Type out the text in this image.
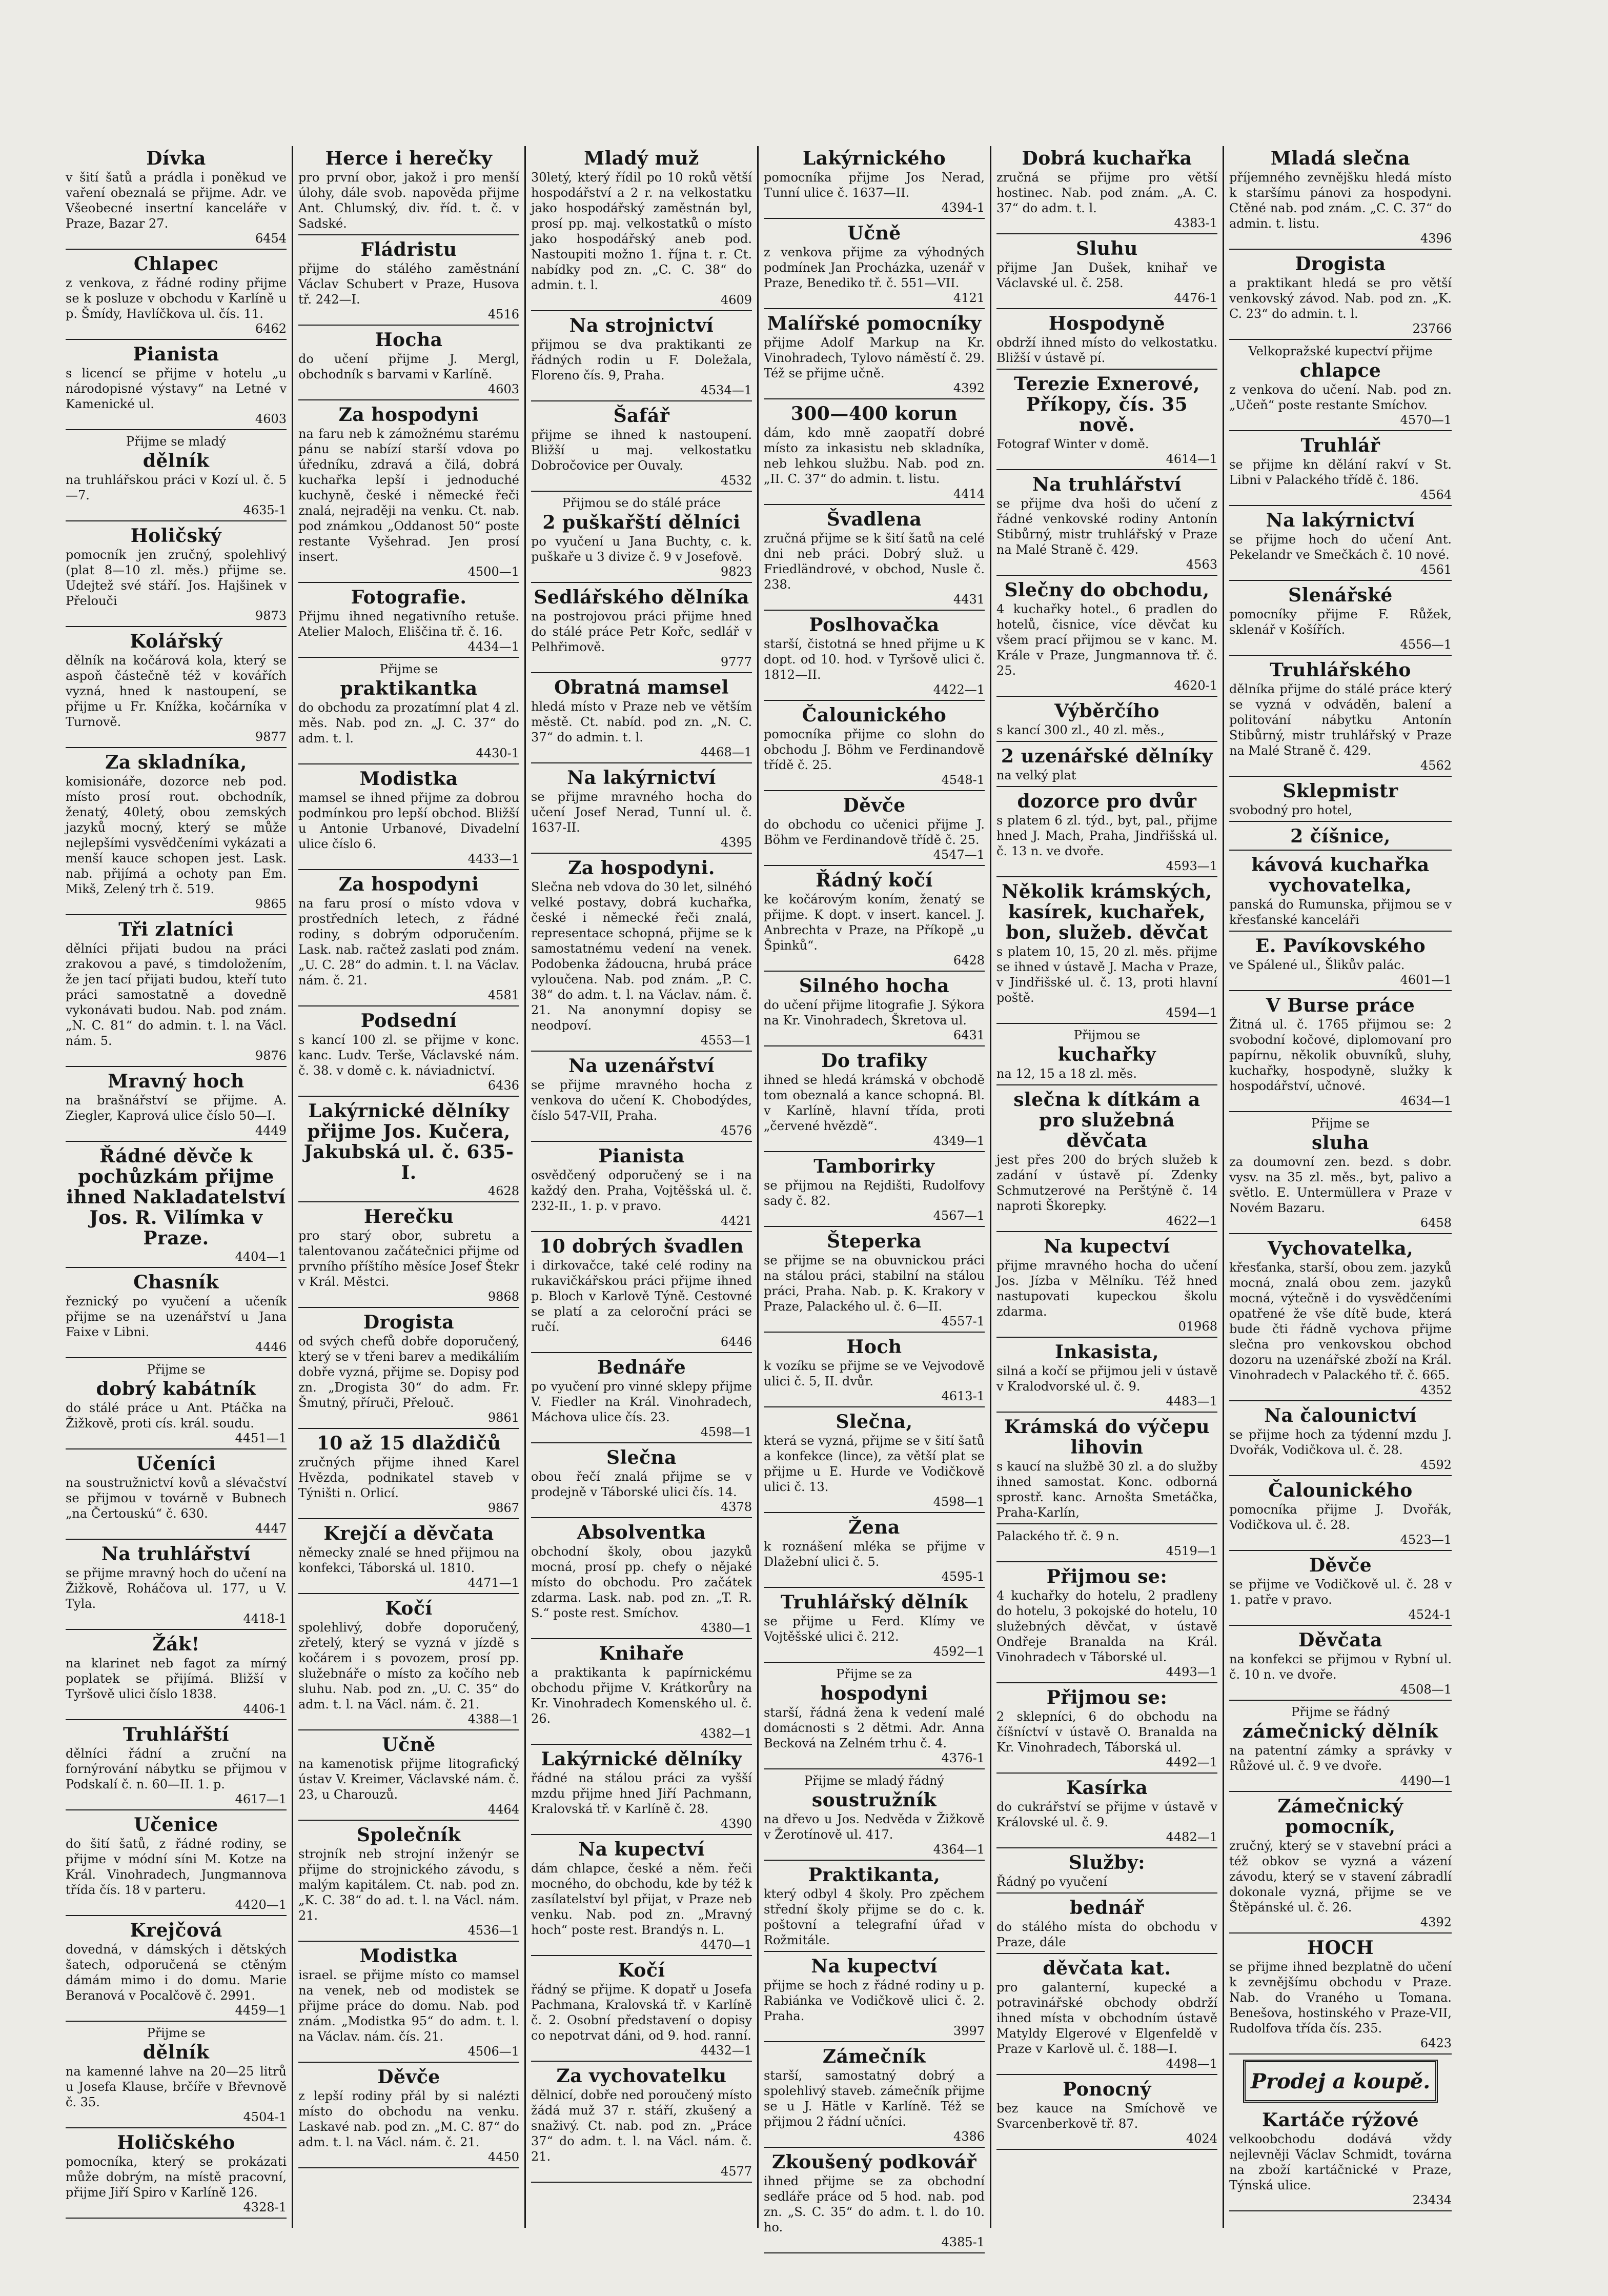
Dívka
v šití šatů a prádla i poněkud ve vaření obeznalá se přijme. Adr. ve Všeobecné insertní kanceláře v Praze, Bazar 27.
6454
Chlapec
z venkova, z řádné rodiny přijme se k posluze v obchodu v Karlíně u p. Šmídy, Havlíčkova ul. čís. 11.
6462
Pianista
s licencí se přijme v hotelu „u národopisné výstavy“ na Letné v Kamenické ul.
4603
Přijme se mladý
dělník
na truhlářskou práci v Kozí ul. č. 5—7.
4635-1
Holičský
pomocník jen zručný, spolehlivý (plat 8—10 zl. měs.) přijme se. Udejtež své stáří. Jos. Hajšinek v Přelouči
9873
Kolářský
dělník na kočárová kola, který se aspoň částečně též v kovářích vyzná, hned k nastoupení, se přijme u Fr. Knížka, kočárníka v Turnově.
9877
Za skladníka,
komisionáře, dozorce neb pod. místo prosí rout. obchodník, ženatý, 40letý, obou zemských jazyků mocný, který se může nejlepšími vysvědčeními vykázati a menší kauce schopen jest. Lask. nab. přijímá a ochoty pan Em. Mikš, Zelený trh č. 519.
9865
Tři zlatníci
dělníci přijati budou na práci zrakovou a pavé, s timdoložením, že jen tací přijati budou, kteří tuto práci samostatně a dovedně vykonávati budou. Nab. pod znám. „N. C. 81“ do admin. t. l. na Václ. nám. 5.
9876
Mravný hoch
na brašnářství se přijme. A. Ziegler, Kaprová ulice číslo 50—I.
4449
Řádné děvče k pochůzkám přijme ihned Nakladatelství Jos. R. Vilímka v Praze.
4404—1
Chasník
řeznický po vyučení a učeník přijme se na uzenářství u Jana Faixe v Libni.
4446
Přijme se
dobrý kabátník
do stálé práce u Ant. Ptáčka na Žižkově, proti cís. král. soudu.
4451—1
Učeníci
na soustružnictví kovů a slévačství se přijmou v továrně v Bubnech „na Čertouskú“ č. 630.
4447
Na truhlářství
se přijme mravný hoch do učení na Žižkově, Roháčova ul. 177, u V. Tyla.
4418-1
Žák!
na klarinet neb fagot za mírný poplatek se přijímá. Bližší v Tyršově ulici číslo 1838.
4406-1
Truhlářští
dělníci řádní a zruční na fornýrování nábytku se přijmou v Podskalí č. n. 60—II. 1. p.
4617—1
Učenice
do šití šatů, z řádné rodiny, se přijme v módní síni M. Kotze na Král. Vinohradech, Jungmannova třída čís. 18 v parteru.
4420—1
Krejčová
dovedná, v dámských i dětských šatech, odporučená se ctěným dámám mimo i do domu. Marie Beranová v Pocalčově č. 2991.
4459—1
Přijme se
dělník
na kamenné lahve na 20—25 litrů u Josefa Klause, brčíře v Břevnově č. 35.
4504-1
Holičského
pomocníka, který se prokázati může dobrým, na místě pracovní, přijme Jiří Spiro v Karlíně 126.
4328-1
Herce i herečky
pro první obor, jakož i pro menší úlohy, dále svob. napověda přijme Ant. Chlumský, div. říd. t. č. v Sadské.
Fládristu
přijme do stálého zaměstnání Václav Schubert v Praze, Husova tř. 242—I.
4516
Hocha
do učení přijme J. Mergl, obchodník s barvami v Karlíně.
4603
Za hospodyni
na faru neb k zámožnému starému pánu se nabízí starší vdova po úředníku, zdravá a čilá, dobrá kuchařka lepší i jednoduché kuchyně, české i německé řeči znalá, nejraději na venku. Ct. nab. pod známkou „Oddanost 50“ poste restante Vyšehrad. Jen prosí insert.
4500—1
Fotografie.
Přijmu ihned negativního retuše. Atelier Maloch, Eliščina tř. č. 16.
4434—1
Přijme se
praktikantka
do obchodu za prozatímní plat 4 zl. měs. Nab. pod zn. „J. C. 37“ do adm. t. l.
4430-1
Modistka
mamsel se ihned přijme za dobrou podmínkou pro lepší obchod. Bližší u Antonie Urbanové, Divadelní ulice číslo 6.
4433—1
Za hospodyni
na faru prosí o místo vdova v prostředních letech, z řádné rodiny, s dobrým odporučením. Lask. nab. račtež zaslati pod znám. „U. C. 28“ do admin. t. l. na Václav. nám. č. 21.
4581
Podsední
s kancí 100 zl. se přijme v konc. kanc. Ludv. Terše, Václavské nám. č. 38. v domě c. k. náviadnictví.
6436
Lakýrnické dělníky přijme Jos. Kučera, Jakubská ul. č. 635-I.
4628
Herečku
pro starý obor, subretu a talentovanou začátečnici přijme od prvního příštího měsíce Josef Štekr v Král. Městci.
9868
Drogista
od svých chefů dobře doporučený, který se v třeni barev a medikáliím dobře vyzná, přijme se. Dopisy pod zn. „Drogista 30“ do adm. Fr. Šmutný, příruči, Přelouč.
9861
10 až 15 dlaždičů
zručných přijme ihned Karel Hvězda, podnikatel staveb v Týništi n. Orlicí.
9867
Krejčí a děvčata
německy znalé se hned přijmou na konfekci, Táborská ul. 1810.
4471—1
Kočí
spolehlivý, dobře doporučený, zřetelý, který se vyzná v jízdě s kočárem i s povozem, prosí pp. služebnáře o místo za kočího neb sluhu. Nab. pod zn. „U. C. 35“ do adm. t. l. na Václ. nám. č. 21.
4388—1
Učně
na kamenotisk přijme litografický ústav V. Kreimer, Václavské nám. č. 23, u Charouzů.
4464
Společník
strojník neb strojní inženýr se přijme do strojnického závodu, s malým kapitálem. Ct. nab. pod zn. „K. C. 38“ do ad. t. l. na Václ. nám. 21.
4536—1
Modistka
israel. se přijme místo co mamsel na venek, neb od modistek se přijme práce do domu. Nab. pod znám. „Modistka 95“ do adm. t. l. na Václav. nám. čís. 21.
4506—1
Děvče
z lepší rodiny přál by si nalézti místo do obchodu na venku. Laskavé nab. pod zn. „M. C. 87“ do adm. t. l. na Václ. nám. č. 21.
4450
Mladý muž
30letý, který řídil po 10 roků větší hospodářství a 2 r. na velkostatku jako hospodářský zaměstnán byl, prosí pp. maj. velkostatků o místo jako hospodářský aneb pod. Nastoupiti možno 1. října t. r. Ct. nabídky pod zn. „C. C. 38“ do admin. t. l.
4609
Na strojnictví
přijmou se dva praktikanti ze řádných rodin u F. Doležala, Floreno čís. 9, Praha.
4534—1
Šafář
přijme se ihned k nastoupení. Bližší u maj. velkostatku Dobročovice per Ouvaly.
4532
Přijmou se do stálé práce
2 puškařští dělníci
po vyučení u Jana Buchty, c. k. puškaře u 3 divize č. 9 v Josefově.
9823
Sedlářského dělníka
na postrojovou práci přijme hned do stálé práce Petr Kořc, sedlář v Pelhřimově.
9777
Obratná mamsel
hledá místo v Praze neb ve větším městě. Ct. nabíd. pod zn. „N. C. 37“ do admin. t. l.
4468—1
Na lakýrnictví
se přijme mravného hocha do učení Josef Nerad, Tunní ul. č. 1637-II.
4395
Za hospodyni.
Slečna neb vdova do 30 let, silnéhó velké postavy, dobrá kuchařka, české i německé řeči znalá, representace schopná, přijme se k samostatnému vedení na venek. Podobenka žádoucna, hrubá práce vyloučena. Nab. pod znám. „P. C. 38“ do adm. t. l. na Václav. nám. č. 21. Na anonymní dopisy se neodpoví.
4553—1
Na uzenářství
se přijme mravného hocha z venkova do učení K. Chobodýdes, číslo 547-VII, Praha.
4576
Pianista
osvědčený odporučený se i na každý den. Praha, Vojtěšská ul. č. 232-II., 1. p. v pravo.
4421
10 dobrých švadlen
i dirkovačce, také celé rodiny na rukavičkářskou práci přijme ihned p. Bloch v Karlově Týně. Cestovné se platí a za celoroční práci se ručí.
6446
Bednáře
po vyučení pro vinné sklepy přijme V. Fiedler na Král. Vinohradech, Máchova ulice čís. 23.
4598—1
Slečna
obou řečí znalá přijme se v prodejně v Táborské ulici čís. 14.
4378
Absolventka
obchodní školy, obou jazyků mocná, prosí pp. chefy o nějaké místo do obchodu. Pro začátek zdarma. Lask. nab. pod zn. „T. R. S.“ poste rest. Smíchov.
4380—1
Knihaře
a praktikanta k papírnickému obchodu přijme V. Krátkorůry na Kr. Vinohradech Komenského ul. č. 26.
4382—1
Lakýrnické dělníky
řádné na stálou práci za vyšší mzdu přijme hned Jiří Pachmann, Kralovská tř. v Karlíně č. 28.
4390
Na kupectví
dám chlapce, české a něm. řeči mocného, do obchodu, kde by též k zasílatelství byl přijat, v Praze neb venku. Nab. pod zn. „Mravný hoch“ poste rest. Brandýs n. L.
4470—1
Kočí
řádný se přijme. K dopatř u Josefa Pachmana, Kralovská tř. v Karlíně č. 2. Osobní představení o dopisy co nepotrvat dáni, od 9. hod. ranní.
4432—1
Za vychovatelku
dělnicí, dobře ned poroučený místo žádá muž 37 r. stáří, zkušený a snaživý. Ct. nab. pod zn. „Práce 37“ do adm. t. l. na Václ. nám. č. 21.
4577
Lakýrnického
pomocníka přijme Jos Nerad, Tunní ulice č. 1637—II.
4394-1
Učně
z venkova přijme za výhodných podmínek Jan Procházka, uzenář v Praze, Benediko tř. č. 551—VII.
4121
Malířské pomocníky
přijme Adolf Markup na Kr. Vinohradech, Tylovo náměstí č. 29. Též se přijme učně.
4392
300—400 korun
dám, kdo mně zaopatří dobré místo za inkasistu neb skladníka, neb lehkou službu. Nab. pod zn. „II. C. 37“ do admin. t. listu.
4414
Švadlena
zručná přijme se k šití šatů na celé dni neb práci. Dobrý služ. u Friedländrové, v obchod, Nusle č. 238.
4431
Poslhovačka
starší, čistotná se hned přijme u K dopt. od 10. hod. v Tyršově ulici č. 1812—II.
4422—1
Čalounického
pomocníka přijme co slohn do obchodu J. Böhm ve Ferdinandově třídě č. 25.
4548-1
Děvče
do obchodu co učenici přijme J. Böhm ve Ferdinandově třídě č. 25.
4547—1
Řádný kočí
ke kočárovým koním, ženatý se přijme. K dopt. v insert. kancel. J. Anbrechta v Praze, na Příkopě „u Špinků“.
6428
Silného hocha
do učení přijme litografie J. Sýkora na Kr. Vinohradech, Škretova ul.
6431
Do trafiky
ihned se hledá krámská v obchodě tom obeznalá a kance schopná. Bl. v Karlíně, hlavní třída, proti „červené hvězdě“.
4349—1
Tamborirky
se přijmou na Rejdišti, Rudolfovy sady č. 82.
4567—1
Šteperka
se přijme se na obuvnickou práci na stálou práci, stabilní na stálou práci, Praha. Nab. p. K. Krakory v Praze, Palackého ul. č. 6—II.
4557-1
Hoch
k vozíku se přijme se ve Vejvodově ulici č. 5, II. dvůr.
4613-1
Slečna,
která se vyzná, přijme se v šití šatů a konfekce (lince), za větší plat se přijme u E. Hurde ve Vodičkově ulici č. 13.
4598—1
Žena
k roznášení mléka se přijme v Dlažební ulici č. 5.
4595-1
Truhlářský dělník
se přijme u Ferd. Klímy ve Vojtěšské ulici č. 212.
4592—1
Přijme se za
hospodyni
starší, řádná žena k vedení malé domácnosti s 2 dětmi. Adr. Anna Becková na Zelném trhu č. 4.
4376-1
Přijme se mladý řádný
soustružník
na dřevo u Jos. Nedvěda v Žižkově v Žerotínově ul. 417.
4364—1
Praktikanta,
který odbyl 4 školy. Pro zpěchem střední školy přijme se do c. k. poštovní a telegrafní úřad v Rožmitále.
Na kupectví
přijme se hoch z řádné rodiny u p. Rabiánka ve Vodičkově ulici č. 2. Praha.
3997
Zámečník
starší, samostatný dobrý a spolehlivý staveb. zámečník přijme se u J. Hätle v Karlíně. Též se přijmou 2 řádní učníci.
4386
Zkoušený podkovář
ihned přijme se za obchodní sedláře práce od 5 hod. nab. pod zn. „S. C. 35“ do adm. t. l. do 10. ho.
4385-1
Dobrá kuchařka
zručná se přijme pro větší hostinec. Nab. pod znám. „A. C. 37“ do adm. t. l.
4383-1
Sluhu
přijme Jan Dušek, knihař ve Václavské ul. č. 258.
4476-1
Hospodyně
obdrží ihned místo do velkostatku. Bližší v ústavě pí.
Terezie Exnerové, Příkopy, čís. 35 nově.
Fotograf Winter v domě.
4614—1
Na truhlářství
se přijme dva hoši do učení z řádné venkovské rodiny Antonín Stibůrný, mistr truhlářský v Praze na Malé Straně č. 429.
4563
Slečny do obchodu,
4 kuchařky hotel., 6 pradlen do hotelů, čisnice, více děvčat ku všem prací přijmou se v kanc. M. Krále v Praze, Jungmannova tř. č. 25.
4620-1
Výběrčího
s kancí 300 zl., 40 zl. měs.,
2 uzenářské dělníky
na velký plat
dozorce pro dvůr
s platem 6 zl. týd., byt, pal., přijme hned J. Mach, Praha, Jindřišská ul. č. 13 n. ve dvoře.
4593—1
Několik krámských, kasírek, kuchařek, bon, služeb. děvčat
s platem 10, 15, 20 zl. měs. přijme se ihned v ústavě J. Macha v Praze, v Jindřišské ul. č. 13, proti hlavní poště.
4594—1
Přijmou se
kuchařky
na 12, 15 a 18 zl. měs.
slečna k dítkám a pro služebná děvčata
jest přes 200 do brých služeb k zadání v ústavě pí. Zdenky Schmutzerové na Perštýně č. 14 naproti Škorepky.
4622—1
Na kupectví
přijme mravného hocha do učení Jos. Jízba v Mělníku. Též hned nastupovati kupeckou školu zdarma.
01968
Inkasista,
silná a kočí se přijmou jeli v ústavě v Kralodvorské ul. č. 9.
4483—1
Krámská do výčepu lihovin
s kaucí na službě 30 zl. a do služby ihned samostat. Konc. odborná sprostř. kanc. Arnošta Smetáčka, Praha-Karlín,
Palackého tř. č. 9 n.
4519—1
Přijmou se:
4 kuchařky do hotelu, 2 pradleny do hotelu, 3 pokojské do hotelu, 10 služebných děvčat, v ústavě Ondřeje Branalda na Král. Vinohradech v Táborské ul.
4493—1
Přijmou se:
2 sklepníci, 6 do obchodu na číšníctví v ústavě O. Branalda na Kr. Vinohradech, Táborská ul.
4492—1
Kasírka
do cukrářství se přijme v ústavě v Královské ul. č. 9.
4482—1
Služby:
Řádný po vyučení
bednář
do stálého místa do obchodu v Praze, dále
děvčata kat.
pro galanterní, kupecké a potravinářské obchody obdrží ihned místa v obchodním ústavě Matyldy Elgerové v Elgenfeldě v Praze v Karlově ul. č. 188—I.
4498—1
Ponocný
bez kauce na Smíchově ve Svarcenberkově tř. 87.
4024
Mladá slečna
příjemného zevnějšku hledá místo k staršímu pánovi za hospodyni. Ctěné nab. pod znám. „C. C. 37“ do admin. t. listu.
4396
Drogista
a praktikant hledá se pro větší venkovský závod. Nab. pod zn. „K. C. 23“ do admin. t. l.
23766
Velkopražské kupectví přijme
chlapce
z venkova do učení. Nab. pod zn. „Učeň“ poste restante Smíchov.
4570—1
Truhlář
se přijme kn dělání rakví v St. Libni v Palackého třídě č. 186.
4564
Na lakýrnictví
se přijme hoch do učení Ant. Pekelandr ve Smečkách č. 10 nové.
4561
Slenářské
pomocníky přijme F. Růžek, sklenář v Košířích.
4556—1
Truhlářského
dělníka přijme do stálé práce který se vyzná v odváděn, balení a politování nábytku Antonín Stibůrný, mistr truhlářský v Praze na Malé Straně č. 429.
4562
Sklepmistr
svobodný pro hotel,
2 číšnice,
kávová kuchařka vychovatelka,
panská do Rumunska, přijmou se v křesťanské kanceláři
E. Pavíkovského
ve Spálené ul., Šlikův palác.
4601—1
V Burse práce
Žitná ul. č. 1765 přijmou se: 2 svobodní kočové, diplomovaní pro papírnu, několik obuvníků, sluhy, kuchařky, hospodyně, služky k hospodářství, učnové.
4634—1
Přijme se
sluha
za doumovní zen. bezd. s dobr. vysv. na 35 zl. měs., byt, palivo a světlo. E. Untermüllera v Praze v Novém Bazaru.
6458
Vychovatelka,
křesťanka, starší, obou zem. jazyků mocná, znalá obou zem. jazyků mocná, výtečně i do vysvědčeními opatřené že vše dítě bude, která bude čti řádně vychova přijme slečna pro venkovskou obchod dozoru na uzenářské zboží na Král. Vinohradech v Palackého tř. č. 665.
4352
Na čalounictví
se přijme hoch za týdenní mzdu J. Dvořák, Vodičkova ul. č. 28.
4592
Čalounického
pomocníka přijme J. Dvořák, Vodičkova ul. č. 28.
4523—1
Děvče
se přijme ve Vodičkově ul. č. 28 v 1. patře v pravo.
4524-1
Děvčata
na konfekci se přijmou v Rybní ul. č. 10 n. ve dvoře.
4508—1
Přijme se řádný
zámečnický dělník
na patentní zámky a správky v Růžové ul. č. 9 ve dvoře.
4490—1
Zámečnický pomocník,
zručný, který se v stavební práci a též obkov se vyzná a vázení závodu, který se v stavení zábradlí dokonale vyzná, přijme se ve Štěpánské ul. č. 26.
4392
HOCH
se přijme ihned bezplatně do učení k zevnějšímu obchodu v Praze. Nab. do Vraného u Tomana. Benešova, hostinského v Praze-VII, Rudolfova třída čís. 235.
6423
Prodej a koupě.
Kartáče rýžové
velkoobchodu dodává vždy nejlevněji Václav Schmidt, továrna na zboží kartáčnické v Praze, Týnská ulice.
23434
